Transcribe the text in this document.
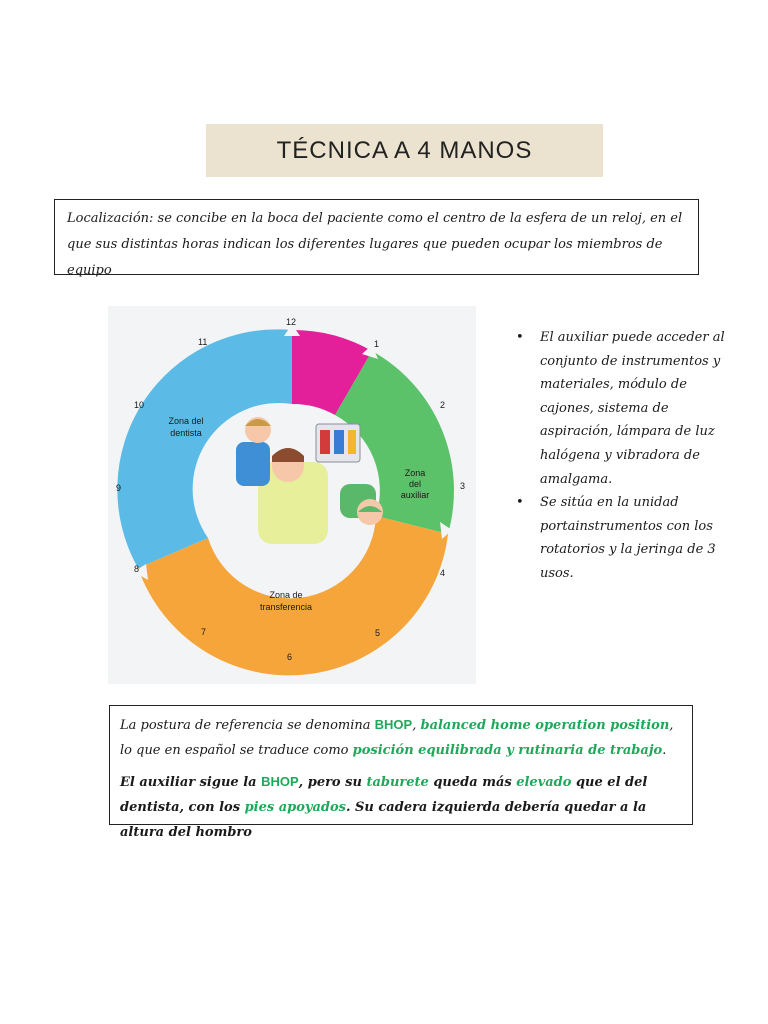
TÉCNICA A 4 MANOS
Localización: se concibe en la boca del paciente como el centro de la esfera de un reloj, en el que sus distintas horas indican los diferentes lugares que pueden ocupar los miembros de equipo
12
1
2
3
4
5
6
7
8
9
10
11
Zona del
dentista
Zona
del
auxiliar
Zona de
transferencia
• El auxiliar puede acceder al conjunto de instrumentos y materiales, módulo de cajones, sistema de aspiración, lámpara de luz halógena y vibradora de amalgama.
• Se sitúa en la unidad portainstrumentos con los rotatorios y la jeringa de 3 usos.

La postura de referencia se denomina BHOP, balanced home operation position, lo que en español se traduce como posición equilibrada y rutinaria de trabajo.

El auxiliar sigue la BHOP, pero su taburete queda más elevado que el del dentista, con los pies apoyados. Su cadera izquierda debería quedar a la altura del hombro
